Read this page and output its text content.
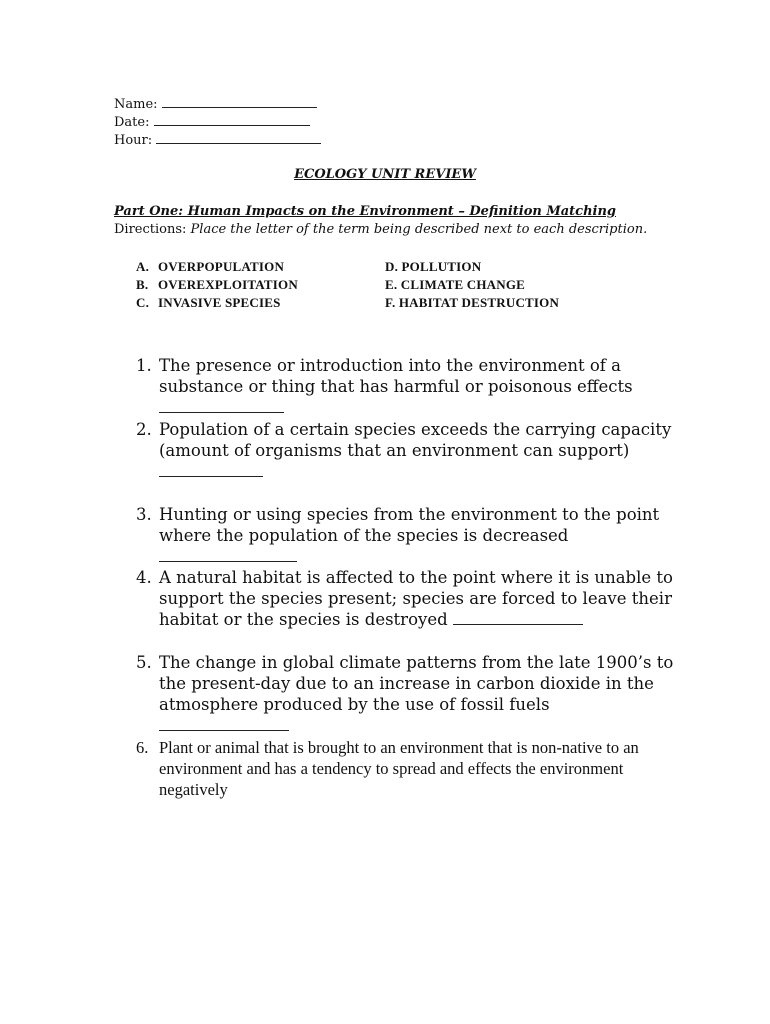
Name:
Date:
Hour:
ECOLOGY UNIT REVIEW
Part One: Human Impacts on the Environment – Definition Matching
Directions: Place the letter of the term being described next to each description.
A. OVERPOPULATION
B. OVEREXPLOITATION
C. INVASIVE SPECIES
D. POLLUTION
E. CLIMATE CHANGE
F. HABITAT DESTRUCTION
1. The presence or introduction into the environment of a substance or thing that has harmful or poisonous effects
2. Population of a certain species exceeds the carrying capacity (amount of organisms that an environment can support)

3. Hunting or using species from the environment to the point where the population of the species is decreased
4. A natural habitat is affected to the point where it is unable to support the species present; species are forced to leave their habitat or the species is destroyed
5. The change in global climate patterns from the late 1900’s to the present-day due to an increase in carbon dioxide in the atmosphere produced by the use of fossil fuels
6. Plant or animal that is brought to an environment that is non-native to an environment and has a tendency to spread and effects the environment negatively
